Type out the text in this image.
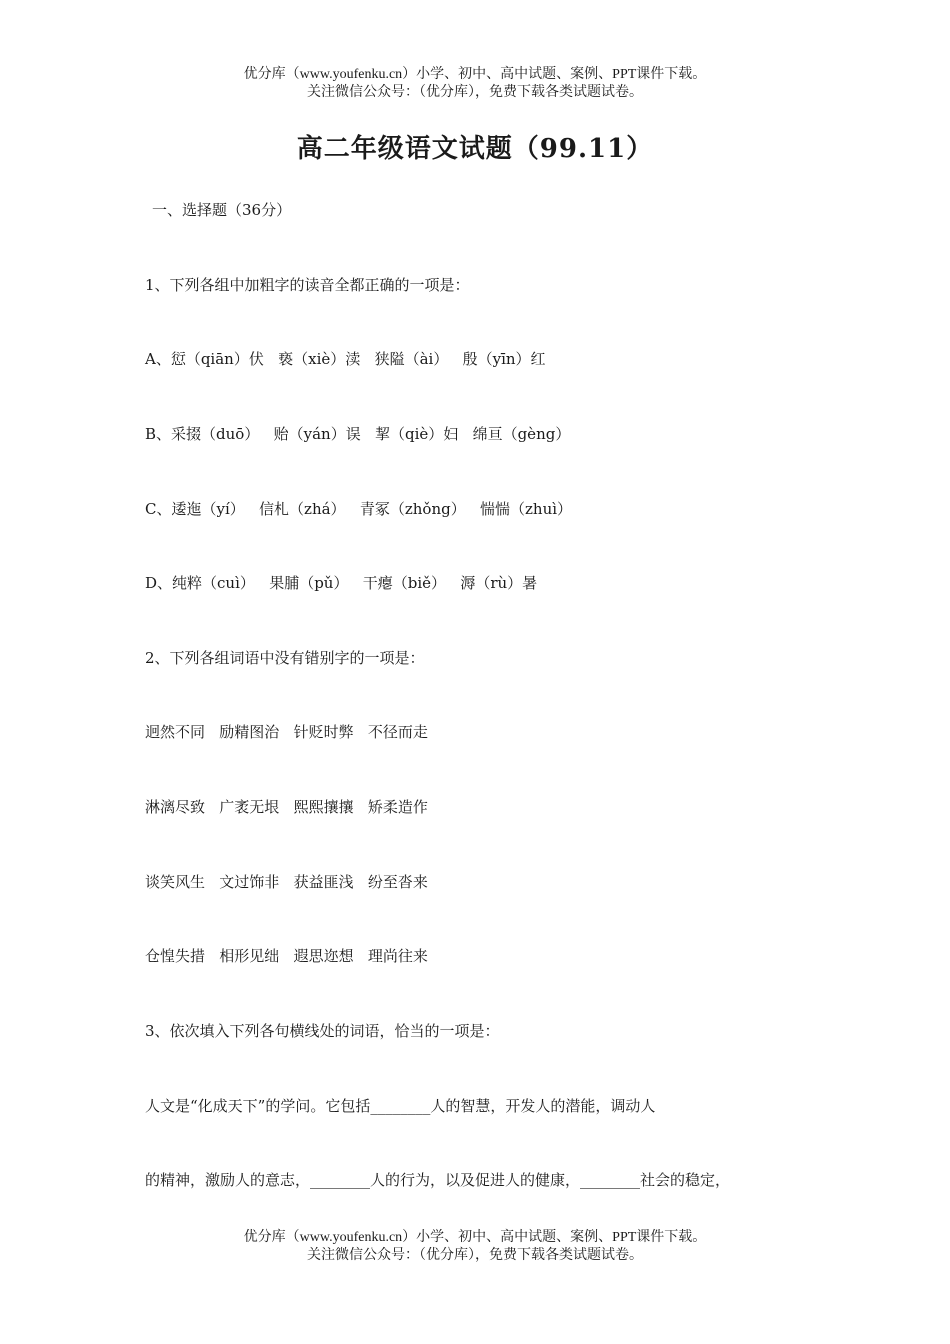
优分库（www.youfenku.cn）小学、初中、高中试题、案例、PPT课件下载。
关注微信公众号：（优分库），免费下载各类试题试卷。
高二年级语文试题（99.11）
一、选择题（36分）
1、下列各组中加粗字的读音全都正确的一项是：
A、愆（qiān）伏   亵（xiè）渎   狭隘（ài）   殷（yīn）红
B、采掇（duō）   贻（yán）误   挈（qiè）妇   绵亘（gèng）
C、逶迤（yí）   信札（zhá）   青冢（zhǒng）   惴惴（zhuì）
D、纯粹（cuì）   果脯（pǔ）   干瘪（biě）   溽（rù）暑
2、下列各组词语中没有错别字的一项是：
迥然不同   励精图治   针贬时弊   不径而走
淋漓尽致   广袤无垠   熙熙攘攘   矫柔造作
谈笑风生   文过饰非   获益匪浅   纷至沓来
仓惶失措   相形见绌   遐思迩想   理尚往来
3、依次填入下列各句横线处的词语，恰当的一项是：
人文是“化成天下”的学问。它包括________人的智慧，开发人的潜能，调动人
的精神，激励人的意志，________人的行为，以及促进人的健康，________社会的稳定，
优分库（www.youfenku.cn）小学、初中、高中试题、案例、PPT课件下载。
关注微信公众号：（优分库），免费下载各类试题试卷。
